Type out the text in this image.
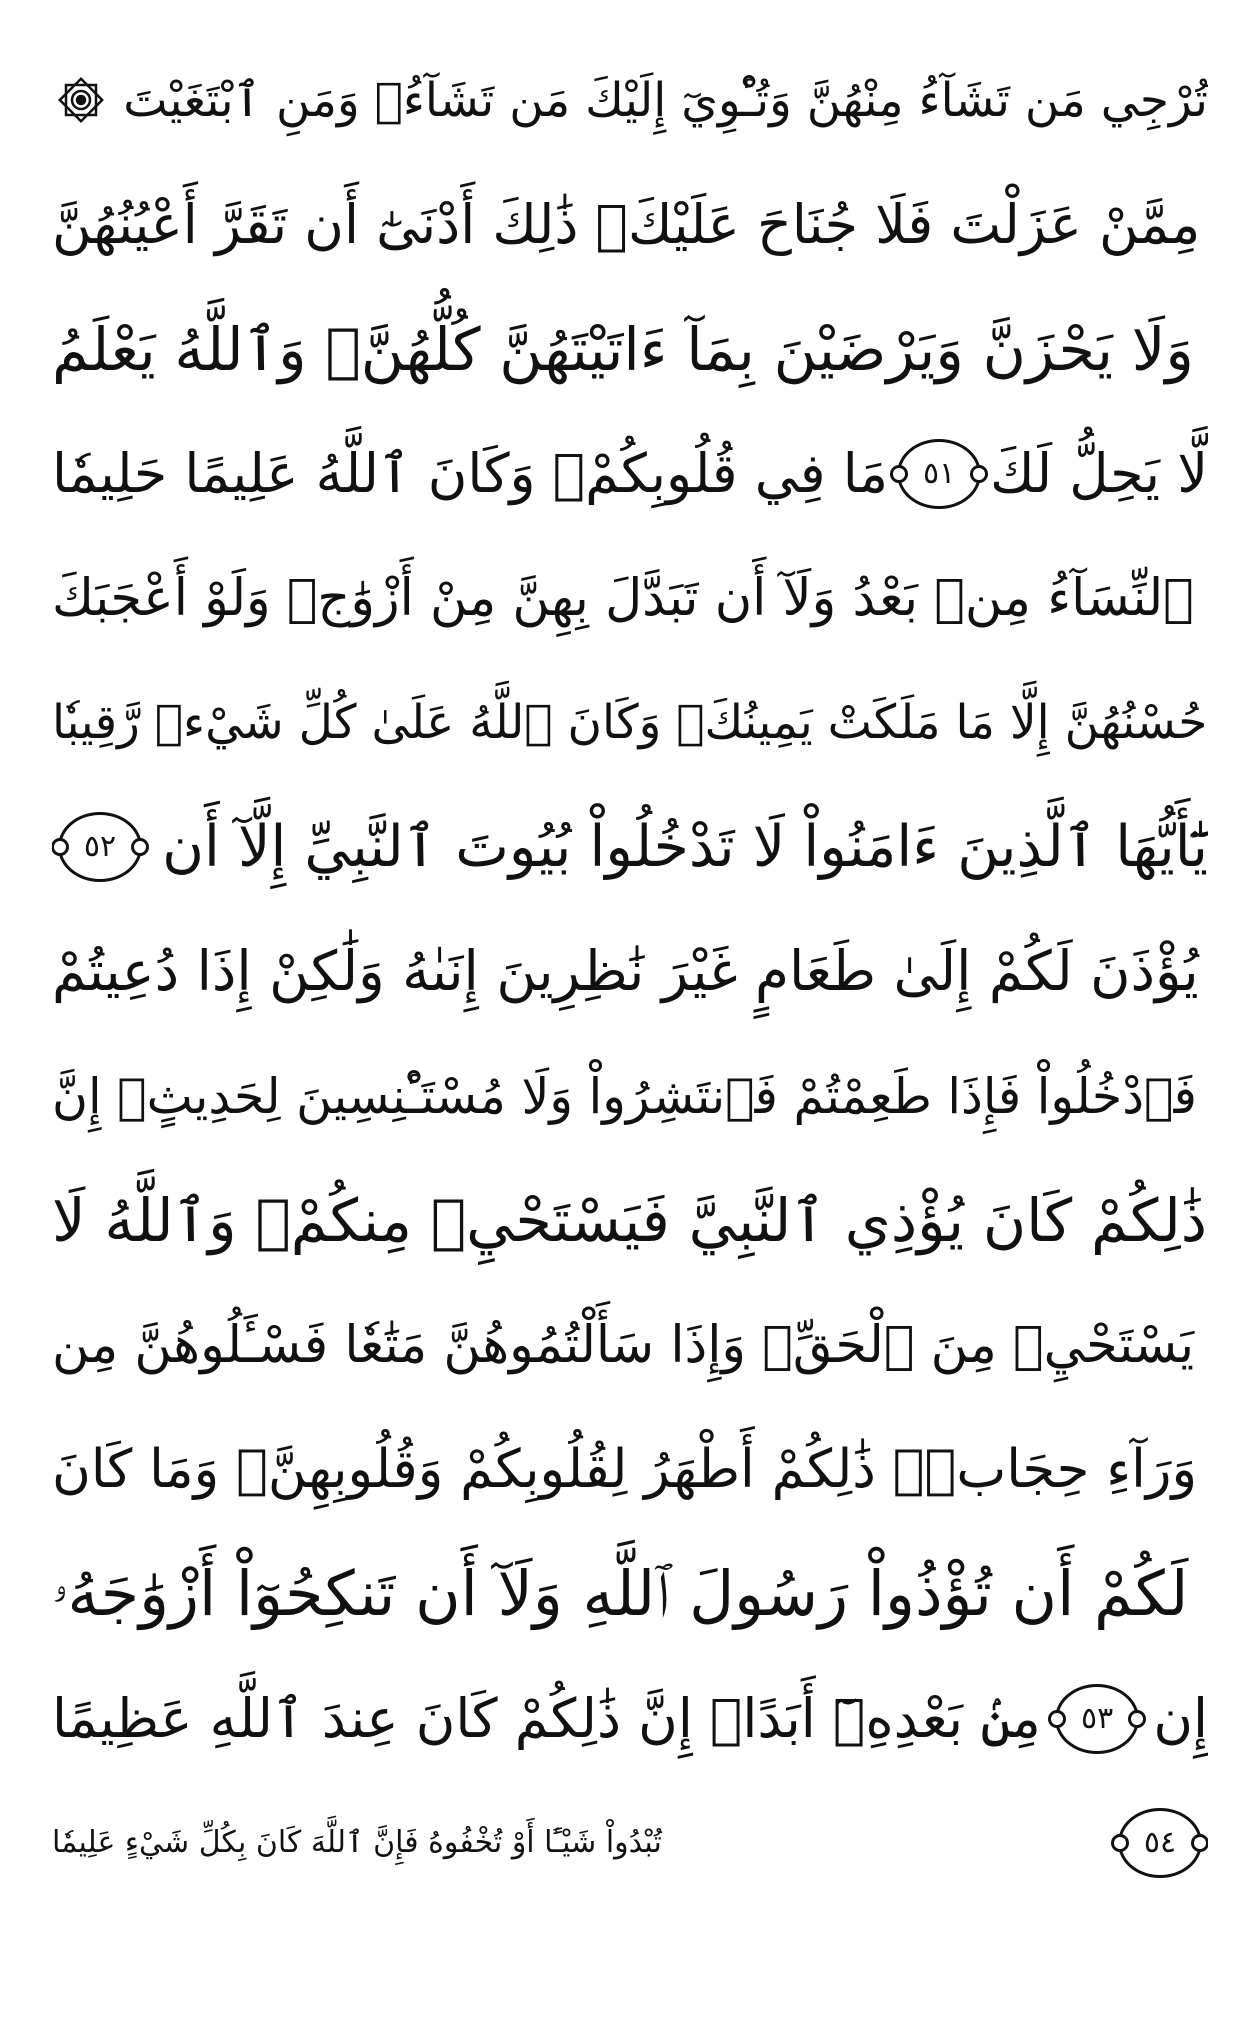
تُرْجِي مَن تَشَآءُ مِنْهُنَّ وَتُـْٔوِيٓ إِلَيْكَ مَن تَشَآءُۖ وَمَنِ ٱبْتَغَيْتَ
مِمَّنْ عَزَلْتَ فَلَا جُنَاحَ عَلَيْكَۚ ذَٰلِكَ أَدْنَىٰٓ أَن تَقَرَّ أَعْيُنُهُنَّ
وَلَا يَحْزَنَّ وَيَرْضَيْنَ بِمَآ ءَاتَيْتَهُنَّ كُلُّهُنَّۚ وَٱللَّهُ يَعْلَمُ
مَا فِي قُلُوبِكُمْۚ وَكَانَ ٱللَّهُ عَلِيمًا حَلِيمٗا ٥١ لَّا يَحِلُّ لَكَ
ٱلنِّسَآءُ مِنۢ بَعْدُ وَلَآ أَن تَبَدَّلَ بِهِنَّ مِنْ أَزْوَٰجٖ وَلَوْ أَعْجَبَكَ
حُسْنُهُنَّ إِلَّا مَا مَلَكَتْ يَمِينُكَۗ وَكَانَ ٱللَّهُ عَلَىٰ كُلِّ شَيْءٖ رَّقِيبٗا
٥٢ يَٰٓأَيُّهَا ٱلَّذِينَ ءَامَنُواْ لَا تَدْخُلُواْ بُيُوتَ ٱلنَّبِيِّ إِلَّآ أَن
يُؤْذَنَ لَكُمْ إِلَىٰ طَعَامٍ غَيْرَ نَٰظِرِينَ إِنَىٰهُ وَلَٰكِنْ إِذَا دُعِيتُمْ
فَٱدْخُلُواْ فَإِذَا طَعِمْتُمْ فَٱنتَشِرُواْ وَلَا مُسْتَـْٔنِسِينَ لِحَدِيثٍۚ إِنَّ
ذَٰلِكُمْ كَانَ يُؤْذِي ٱلنَّبِيَّ فَيَسْتَحْيِۦ مِنكُمْۖ وَٱللَّهُ لَا
يَسْتَحْيِۦ مِنَ ٱلْحَقِّۚ وَإِذَا سَأَلْتُمُوهُنَّ مَتَٰعٗا فَسْـَٔلُوهُنَّ مِن
وَرَآءِ حِجَابٖۚ ذَٰلِكُمْ أَطْهَرُ لِقُلُوبِكُمْ وَقُلُوبِهِنَّۚ وَمَا كَانَ
لَكُمْ أَن تُؤْذُواْ رَسُولَ ٱللَّهِ وَلَآ أَن تَنكِحُوٓاْ أَزْوَٰجَهُۥ
مِنۢ بَعْدِهِۦٓ أَبَدًاۚ إِنَّ ذَٰلِكُمْ كَانَ عِندَ ٱللَّهِ عَظِيمًا ٥٣ إِن
تُبْدُواْ شَيْـًٔا أَوْ تُخْفُوهُ فَإِنَّ ٱللَّهَ كَانَ بِكُلِّ شَيْءٍ عَلِيمٗا	٥٤
